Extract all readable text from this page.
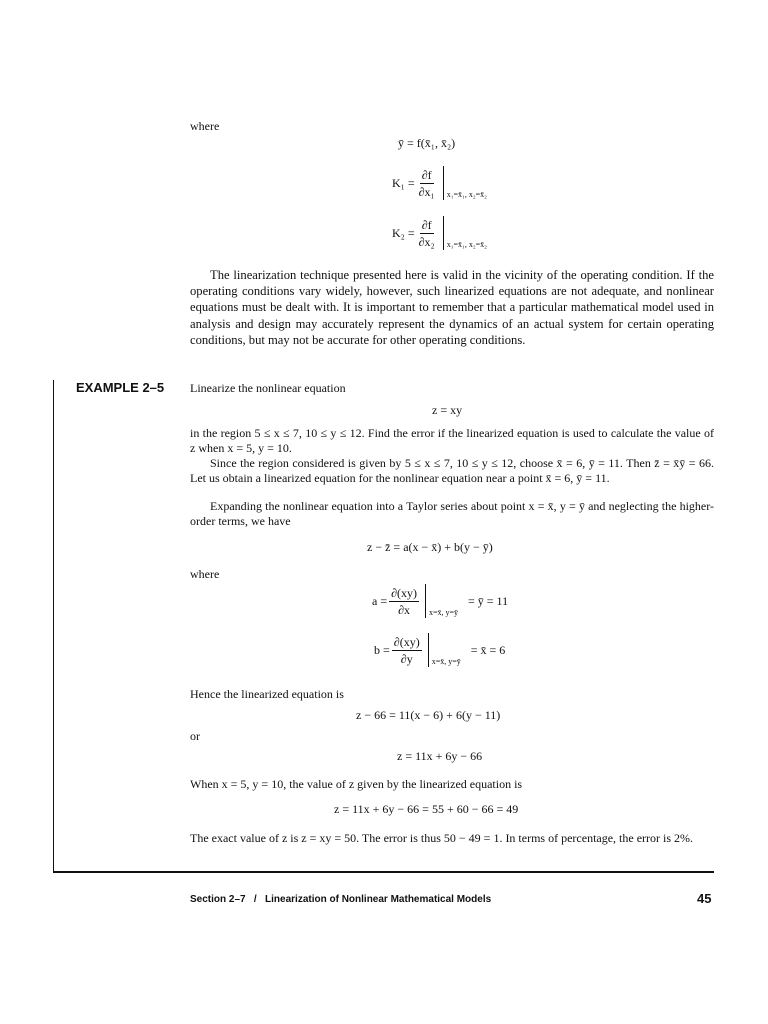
where
ȳ = f(x̄₁, x̄₂)
$K_1 = \frac{\partial f}{\text{∂x₁}}$ x₁=x̄₁, x₂=x̄₂
$K_2 = \frac{\partial f}{\text{∂x₂}}$ x₁=x̄₁, x₂=x̄₂
The linearization technique presented here is valid in the vicinity of the operating condition. If the operating conditions vary widely, however, such linearized equations are not adequate, and nonlinear equations must be dealt with. It is important to remember that a particular mathematical model used in analysis and design may accurately represent the dynamics of an actual system for certain operating conditions, but may not be accurate for other operating conditions.
EXAMPLE 2–5 Linearize the nonlinear equation
z = xy
in the region 5 ≤ x ≤ 7, 10 ≤ y ≤ 12. Find the error if the linearized equation is used to calculate the value of z when x = 5, y = 10.
Since the region considered is given by 5 ≤ x ≤ 7, 10 ≤ y ≤ 12, choose x̄ = 6, ȳ = 11. Then z̄ = x̄ȳ = 66. Let us obtain a linearized equation for the nonlinear equation near a point x̄ = 6, ȳ = 11.
Expanding the nonlinear equation into a Taylor series about point x = x̄, y = ȳ and neglecting the higher-order terms, we have
z − z̄ = a(x − x̄) + b(y − ȳ)
where
$a = \frac{\partial(xy)}{\partial x}$ x=x̄, y=ȳ
= ȳ = 11
$b = \frac{\partial(xy)}{\partial y}$ x=x̄, y=ȳ
= x̄ = 6
Hence the linearized equation is
z − 66 = 11(x − 6) + 6(y − 11)
or
z = 11x + 6y − 66
When x = 5, y = 10, the value of z given by the linearized equation is
z = 11x + 6y − 66 = 55 + 60 − 66 = 49
The exact value of z is z = xy = 50. The error is thus 50 − 49 = 1. In terms of percentage, the error is 2%.
Section 2–7   /   Linearization of Nonlinear Mathematical Models	45
